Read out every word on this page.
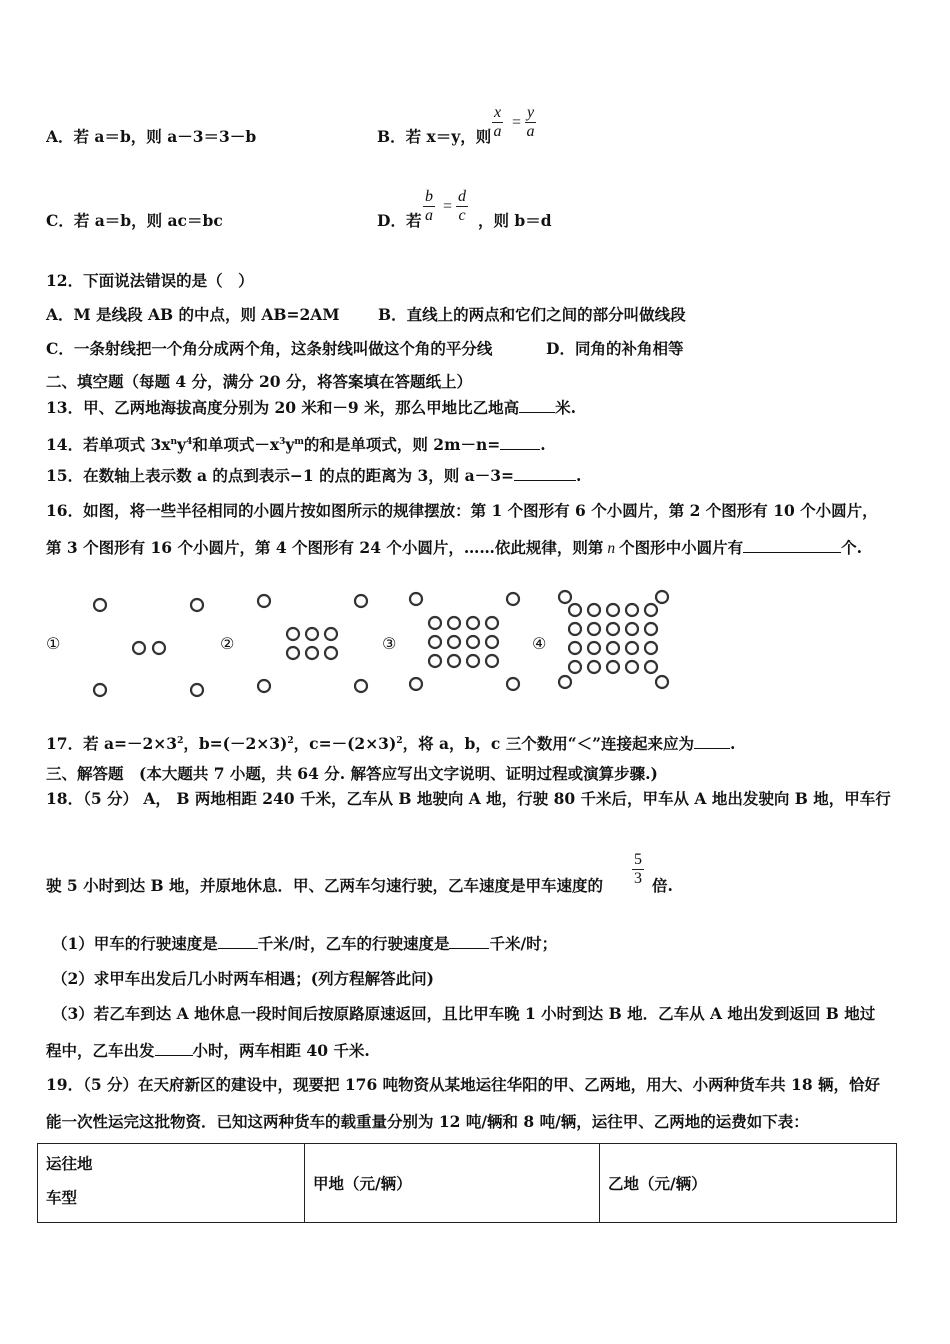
A．若 a＝b，则 a－3＝3－b	B．若 x＝y，则 $\frac{x}{a} = \frac{y}{a}$
C．若 a＝b，则 ac＝bc	D．若 $\frac{b}{a} = \frac{d}{c}$ ，则 b＝d
12．下面说法错误的是（　）
A．M 是线段 AB 的中点，则 AB=2AM B．直线上的两点和它们之间的部分叫做线段
C．一条射线把一个角分成两个角，这条射线叫做这个角的平分线	D．同角的补角相等
二、填空题（每题 4 分，满分 20 分，将答案填在答题纸上）
13．甲、乙两地海拔高度分别为 20 米和－9 米，那么甲地比乙地高 米.
14．若单项式 $3x^ny^4$和单项式$-x^3y^m$的和是单项式，则 2m－n=	.
15．在数轴上表示数 a 的点到表示−1 的点的距离为 3，则 a－3=	.
16．如图，将一些半径相同的小圆片按如图所示的规律摆放：第 1 个图形有 6 个小圆片，第 2 个图形有 10 个小圆片，
第 3 个图形有 16 个小圆片，第 4 个图形有 24 个小圆片，……依此规律，则第 n 个图形中小圆片有	个.
①	②	③	④
17．若 $a=-2\times 3^2$，$b=(-2\times 3)^2$，$c=-(2\times 3)^2$，将 a，b，c 三个数用“＜”连接起来应为 .
三、解答题　(本大题共 7 小题，共 64 分. 解答应写出文字说明、证明过程或演算步骤.)
18．（5 分） A， B 两地相距 240 千米，乙车从 B 地驶向 A 地，行驶 80 千米后，甲车从 A 地出发驶向 B 地，甲车行
驶 5 小时到达 B 地，并原地休息．甲、乙两车匀速行驶，乙车速度是甲车速度的 $\frac{5}{3}$ 倍.
（1）甲车的行驶速度是	千米/时，乙车的行驶速度是	千米/时；
（2）求甲车出发后几小时两车相遇；(列方程解答此问)
（3）若乙车到达 A 地休息一段时间后按原路原速返回，且比甲车晚 1 小时到达 B 地．乙车从 A 地出发到返回 B 地过
程中，乙车出发 小时，两车相距 40 千米.
19．（5 分）在天府新区的建设中，现要把 176 吨物资从某地运往华阳的甲、乙两地，用大、小两种货车共 18 辆，恰好
能一次性运完这批物资．已知这两种货车的载重量分别为 12 吨/辆和 8 吨/辆，运往甲、乙两地的运费如下表：
运往地
车型
	甲地（元/辆）	乙地（元/辆）
